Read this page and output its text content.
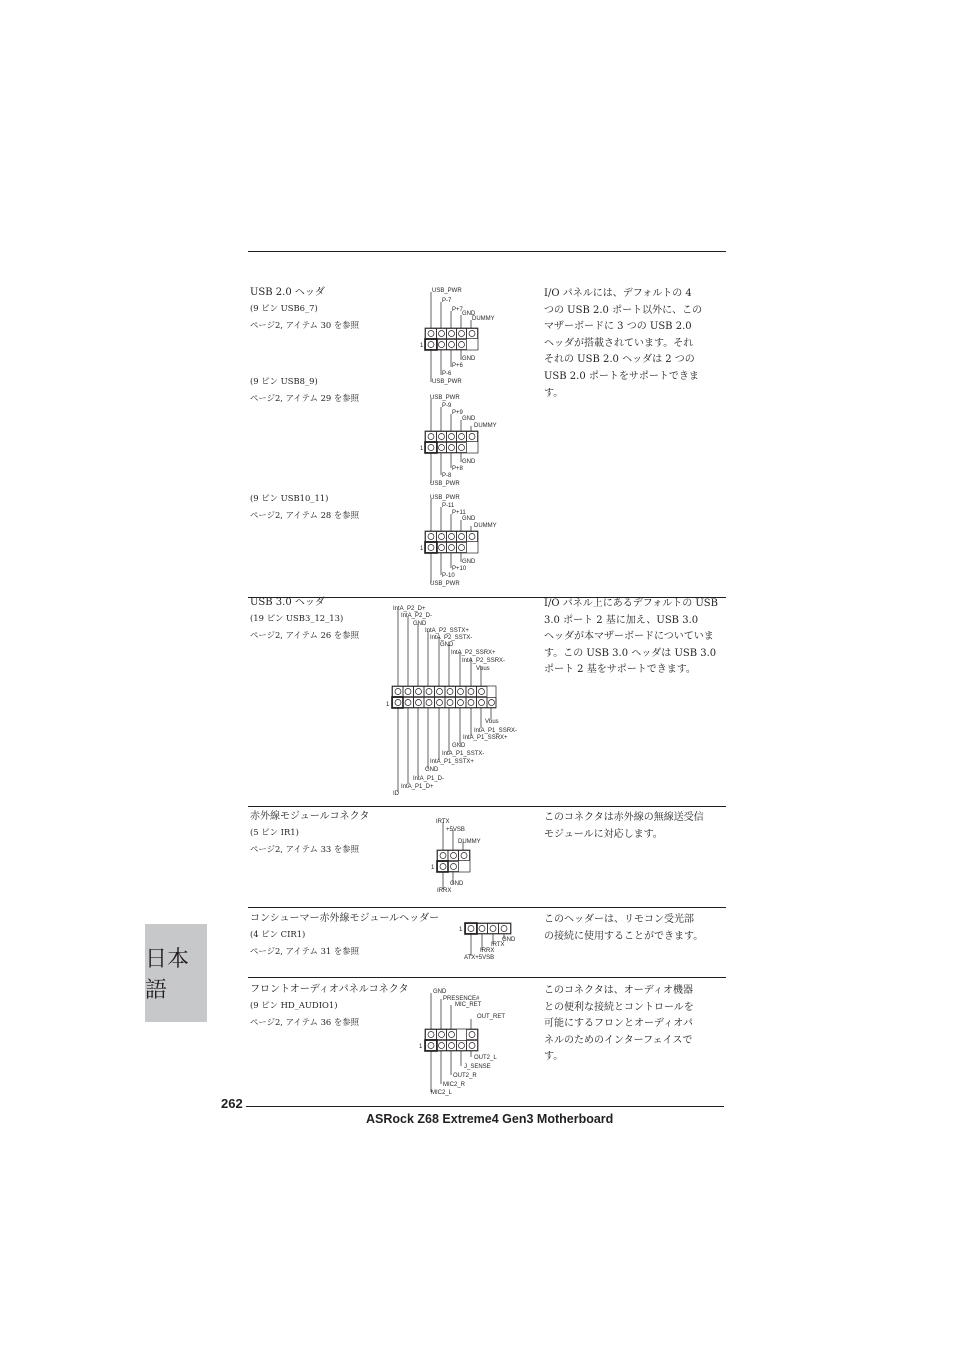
USB 2.0 ヘッダ
(9 ピン USB6_7)
ページ2, アイテム 30 を参照
(9 ピン USB8_9)
ページ2, アイテム 29 を参照
(9 ピン USB10_11)
ページ2, アイテム 28 を参照
I/O パネルには、デフォルトの 4
つの USB 2.0 ポート以外に、この
マザーボードに 3 つの USB 2.0
ヘッダが搭載されています。それ
それの USB 2.0 ヘッダは 2 つの
USB 2.0 ポートをサポートできま
す。
1
USB_PWR
P-7
P+7
GND
DUMMY
GND
P+6
P-6
USB_PWR
1
USB_PWR
P-9
P+9
GND
DUMMY
GND
P+8
P-8
USB_PWR
1
USB_PWR
P-11
P+11
GND
DUMMY
GND
P+10
P-10
USB_PWR
USB 3.0 ヘッダ
(19 ピン USB3_12_13)
ページ2, アイテム 26 を参照
I/O パネル上にあるデフォルトの USB
3.0 ポート 2 基に加え、USB 3.0
ヘッダが本マザーボードについていま
す。この USB 3.0 ヘッダは USB 3.0
ポート 2 基をサポートできます。
1
IntA_P2_D+
IntA_P2_D-
GND
IntA_P2_SSTX+
IntA_P2_SSTX-
GND
IntA_P2_SSRX+
IntA_P2_SSRX-
Vbus
Vbus
IntA_P1_SSRX-
IntA_P1_SSRX+
GND
IntA_P1_SSTX-
IntA_P1_SSTX+
GND
IntA_P1_D-
IntA_P1_D+
ID
赤外線モジュールコネクタ
(5 ピン IR1)
ページ2, アイテム 33 を参照
このコネクタは赤外線の無線送受信
モジュールに対応します。
1
IRTX
+5VSB
DUMMY
GND
IRRX
コンシューマー赤外線モジュールヘッダー
(4 ピン CIR1)
ページ2, アイテム 31 を参照
このヘッダーは、リモコン受光部
の接続に使用することができます。
1
GND
IRTX
IRRX
ATX+5VSB
フロントオーディオパネルコネクタ
(9 ピン HD_AUDIO1)
ページ2, アイテム 36 を参照
このコネクタは、オーディオ機器
との便利な接続とコントロールを
可能にするフロンとオーディオパ
ネルのためのインターフェイスで
す。
1
GND
PRESENCE#
MIC_RET
OUT_RET
OUT2_L
J_SENSE
OUT2_R
MIC2_R
MIC2_L
日本語
262
ASRock Z68 Extreme4 Gen3 Motherboard
